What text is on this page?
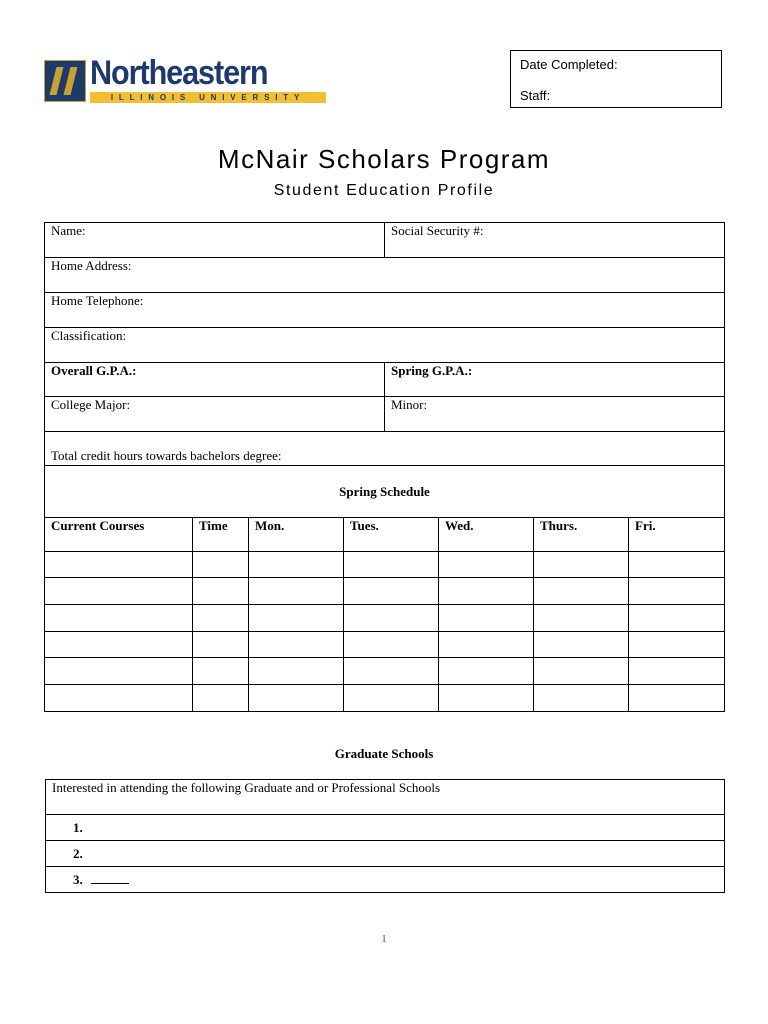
Northeastern
ILLINOIS UNIVERSITY
Date Completed:
Staff:
McNair Scholars Program
Student Education Profile
Name:	Social Security #:
Home Address:	
Home Telephone:	
Classification:	
Overall G.P.A.:	Spring G.P.A.:
College Major:	Minor:
Total credit hours towards bachelors degree:	
Spring Schedule	
Current Courses	Time	Mon.	Tues.	Wed.	Thurs.	Fri.

Graduate Schools
Interested in attending the following Graduate and or Professional Schools
1.
2.
3.
1
